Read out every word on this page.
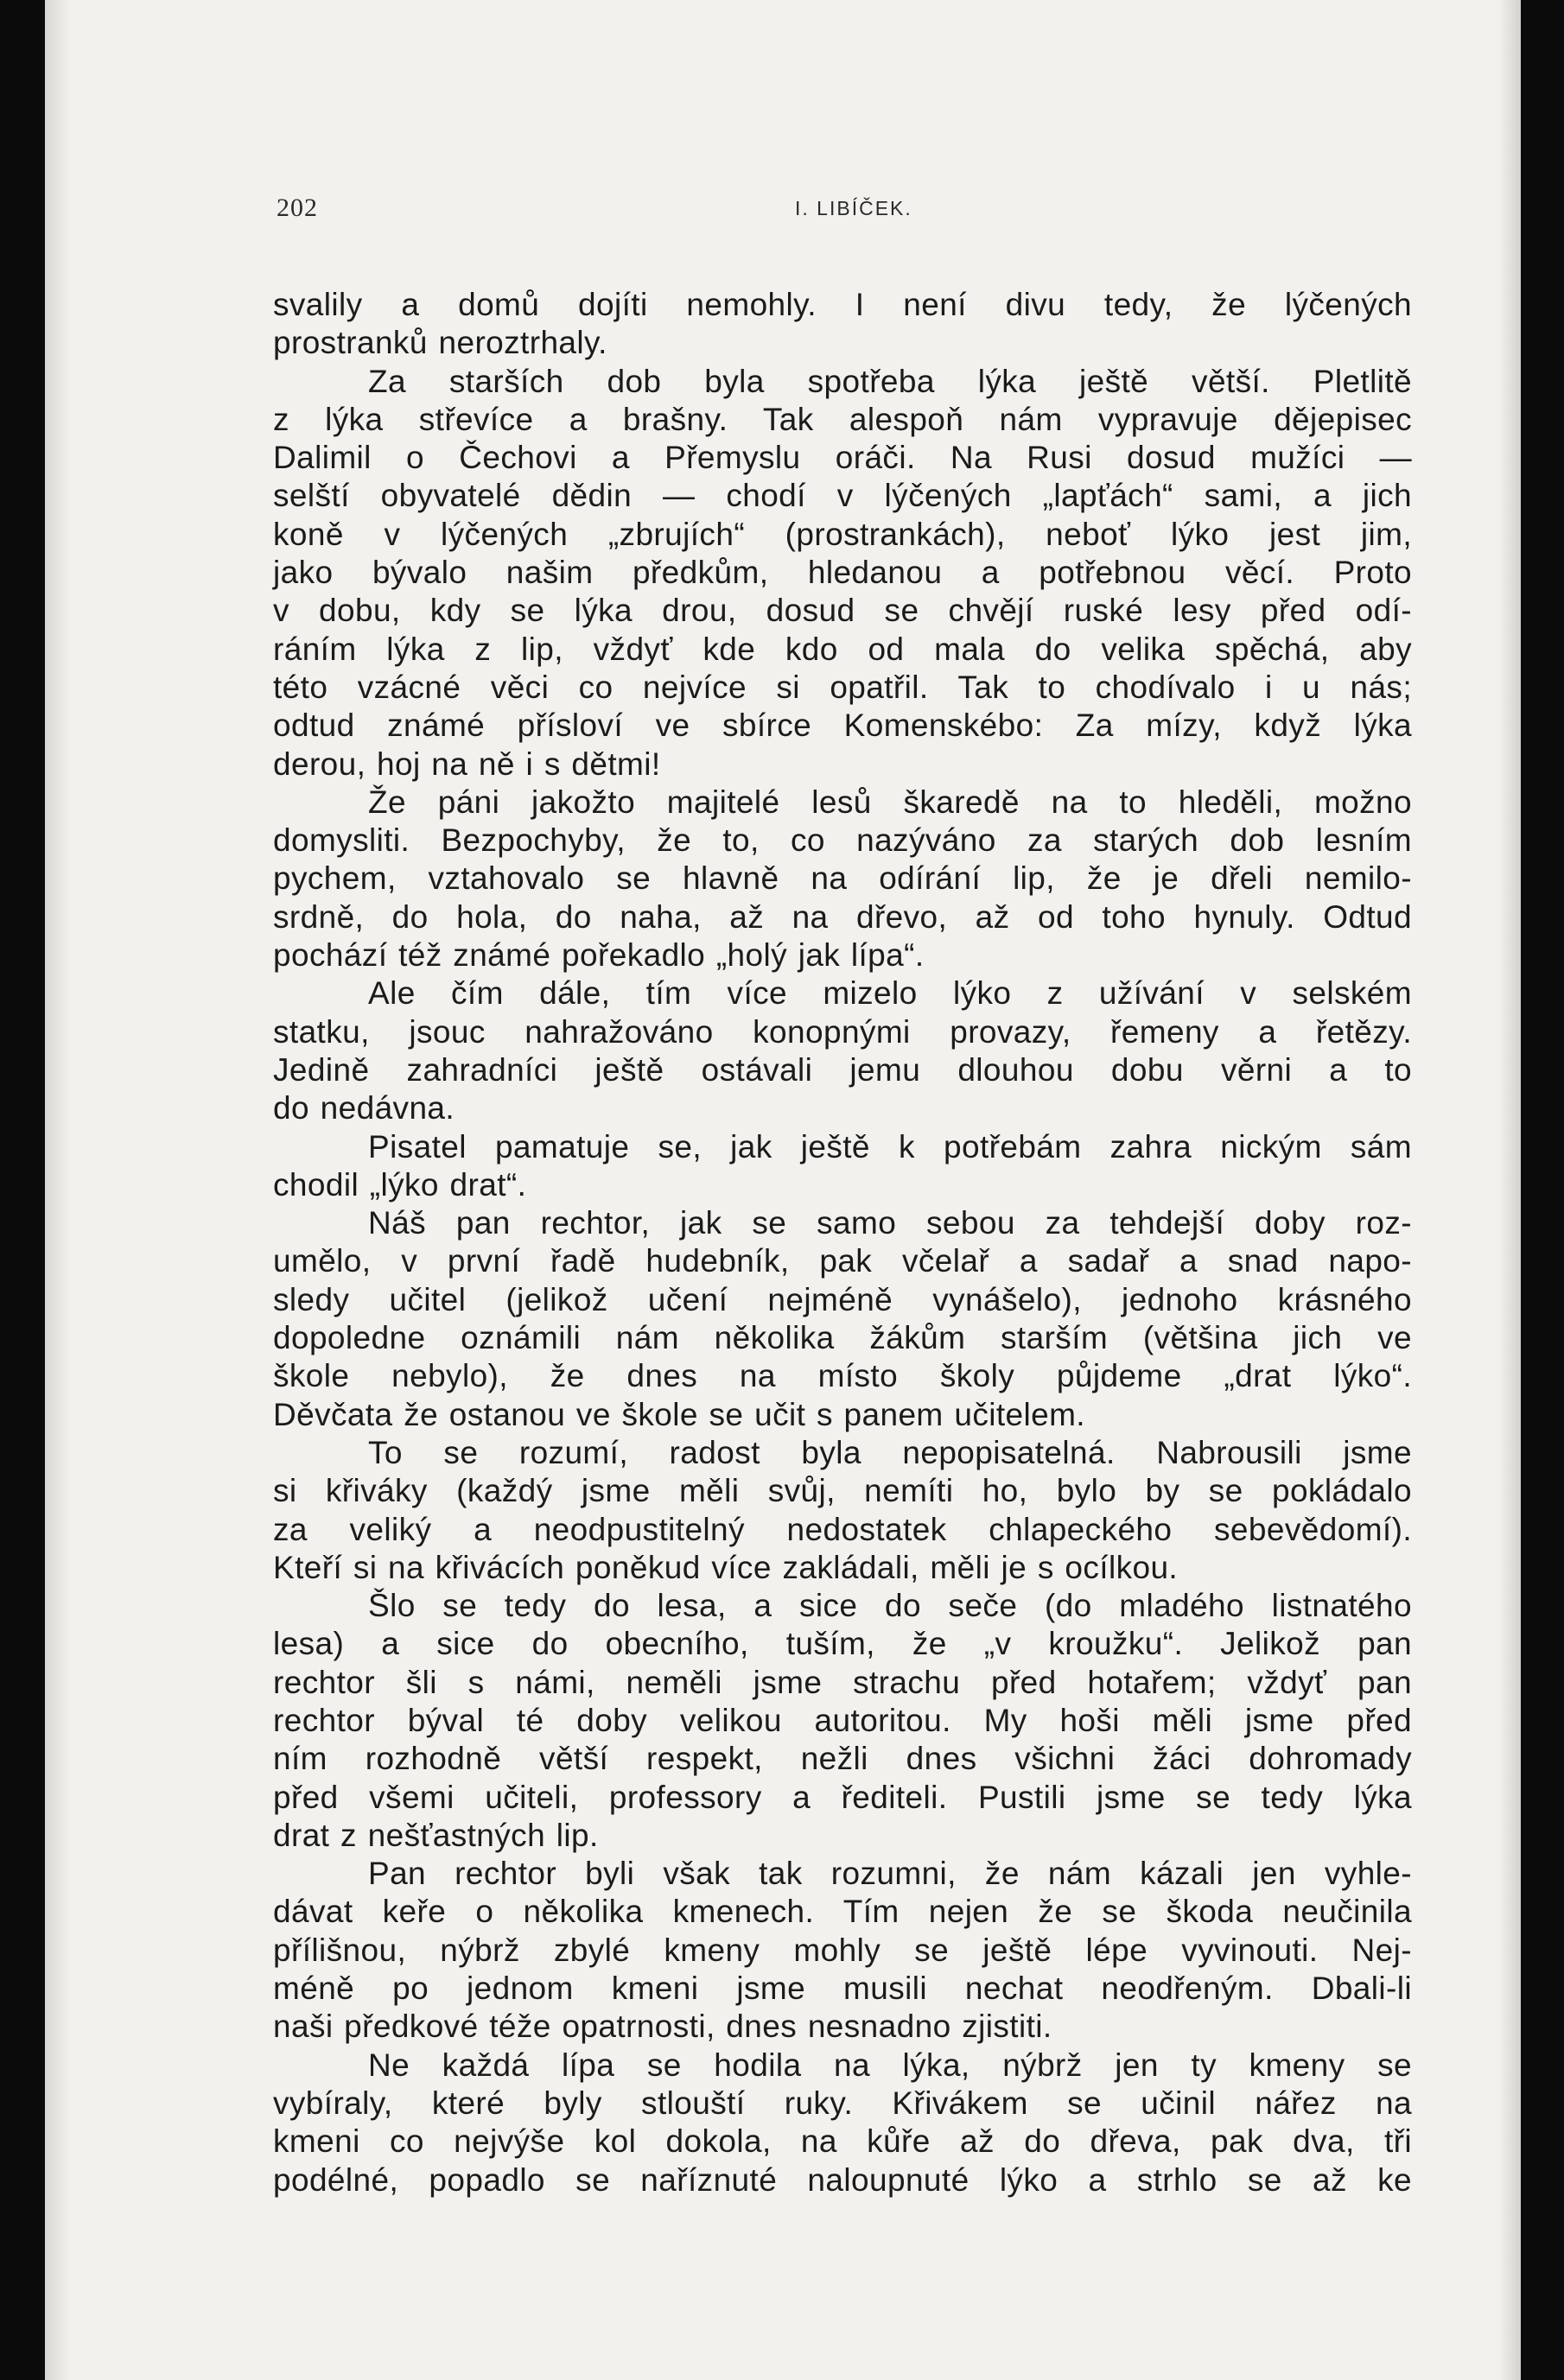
202	I. LIBÍČEK.

svalily a domů dojíti nemohly. I není divu tedy, že lýčených

prostranků neroztrhaly.

Za starších dob byla spotřeba lýka ještě větší. Pletlitě

z lýka střevíce a brašny. Tak alespoň nám vypravuje dějepisec

Dalimil o Čechovi a Přemyslu oráči. Na Rusi dosud mužíci —

selští obyvatelé dědin — chodí v lýčených „lapťách“ sami, a jich

koně v lýčených „zbrujích“ (prostrankách), neboť lýko jest jim,

jako bývalo našim předkům, hledanou a potřebnou věcí. Proto

v dobu, kdy se lýka drou, dosud se chvějí ruské lesy před odí-

ráním lýka z lip, vždyť kde kdo od mala do velika spěchá, aby

této vzácné věci co nejvíce si opatřil. Tak to chodívalo i u nás;

odtud známé přísloví ve sbírce Komenskébo: Za mízy, když lýka

derou, hoj na ně i s dětmi!

Že páni jakožto majitelé lesů škaredě na to hleděli, možno

domysliti. Bezpochyby, že to, co nazýváno za starých dob lesním

pychem, vztahovalo se hlavně na odírání lip, že je dřeli nemilo-

srdně, do hola, do naha, až na dřevo, až od toho hynuly. Odtud

pochází též známé pořekadlo „holý jak lípa“.

Ale čím dále, tím více mizelo lýko z užívání v selském

statku, jsouc nahražováno konopnými provazy, řemeny a řetězy.

Jedině zahradníci ještě ostávali jemu dlouhou dobu věrni a to

do nedávna.

Pisatel pamatuje se, jak ještě k potřebám zahra nickým sám

chodil „lýko drat“.

Náš pan rechtor, jak se samo sebou za tehdejší doby roz-

umělo, v první řadě hudebník, pak včelař a sadař a snad napo-

sledy učitel (jelikož učení nejméně vynášelo), jednoho krásného

dopoledne oznámili nám několika žákům starším (většina jich ve

škole nebylo), že dnes na místo školy půjdeme „drat lýko“.

Děvčata že ostanou ve škole se učit s panem učitelem.

To se rozumí, radost byla nepopisatelná. Nabrousili jsme

si křiváky (každý jsme měli svůj, nemíti ho, bylo by se pokládalo

za veliký a neodpustitelný nedostatek chlapeckého sebevědomí).

Kteří si na křivácích poněkud více zakládali, měli je s ocílkou.

Šlo se tedy do lesa, a sice do seče (do mladého listnatého

lesa) a sice do obecního, tuším, že „v kroužku“. Jelikož pan

rechtor šli s námi, neměli jsme strachu před hotařem; vždyť pan

rechtor býval té doby velikou autoritou. My hoši měli jsme před

ním rozhodně větší respekt, nežli dnes všichni žáci dohromady

před všemi učiteli, professory a řediteli. Pustili jsme se tedy lýka

drat z nešťastných lip.

Pan rechtor byli však tak rozumni, že nám kázali jen vyhle-

dávat keře o několika kmenech. Tím nejen že se škoda neučinila

přílišnou, nýbrž zbylé kmeny mohly se ještě lépe vyvinouti. Nej-

méně po jednom kmeni jsme musili nechat neodřeným. Dbali-li

naši předkové téže opatrnosti, dnes nesnadno zjistiti.

Ne každá lípa se hodila na lýka, nýbrž jen ty kmeny se

vybíraly, které byly stlouští ruky. Křivákem se učinil nářez na

kmeni co nejvýše kol dokola, na kůře až do dřeva, pak dva, tři

podélné, popadlo se naříznuté naloupnuté lýko a strhlo se až ke
